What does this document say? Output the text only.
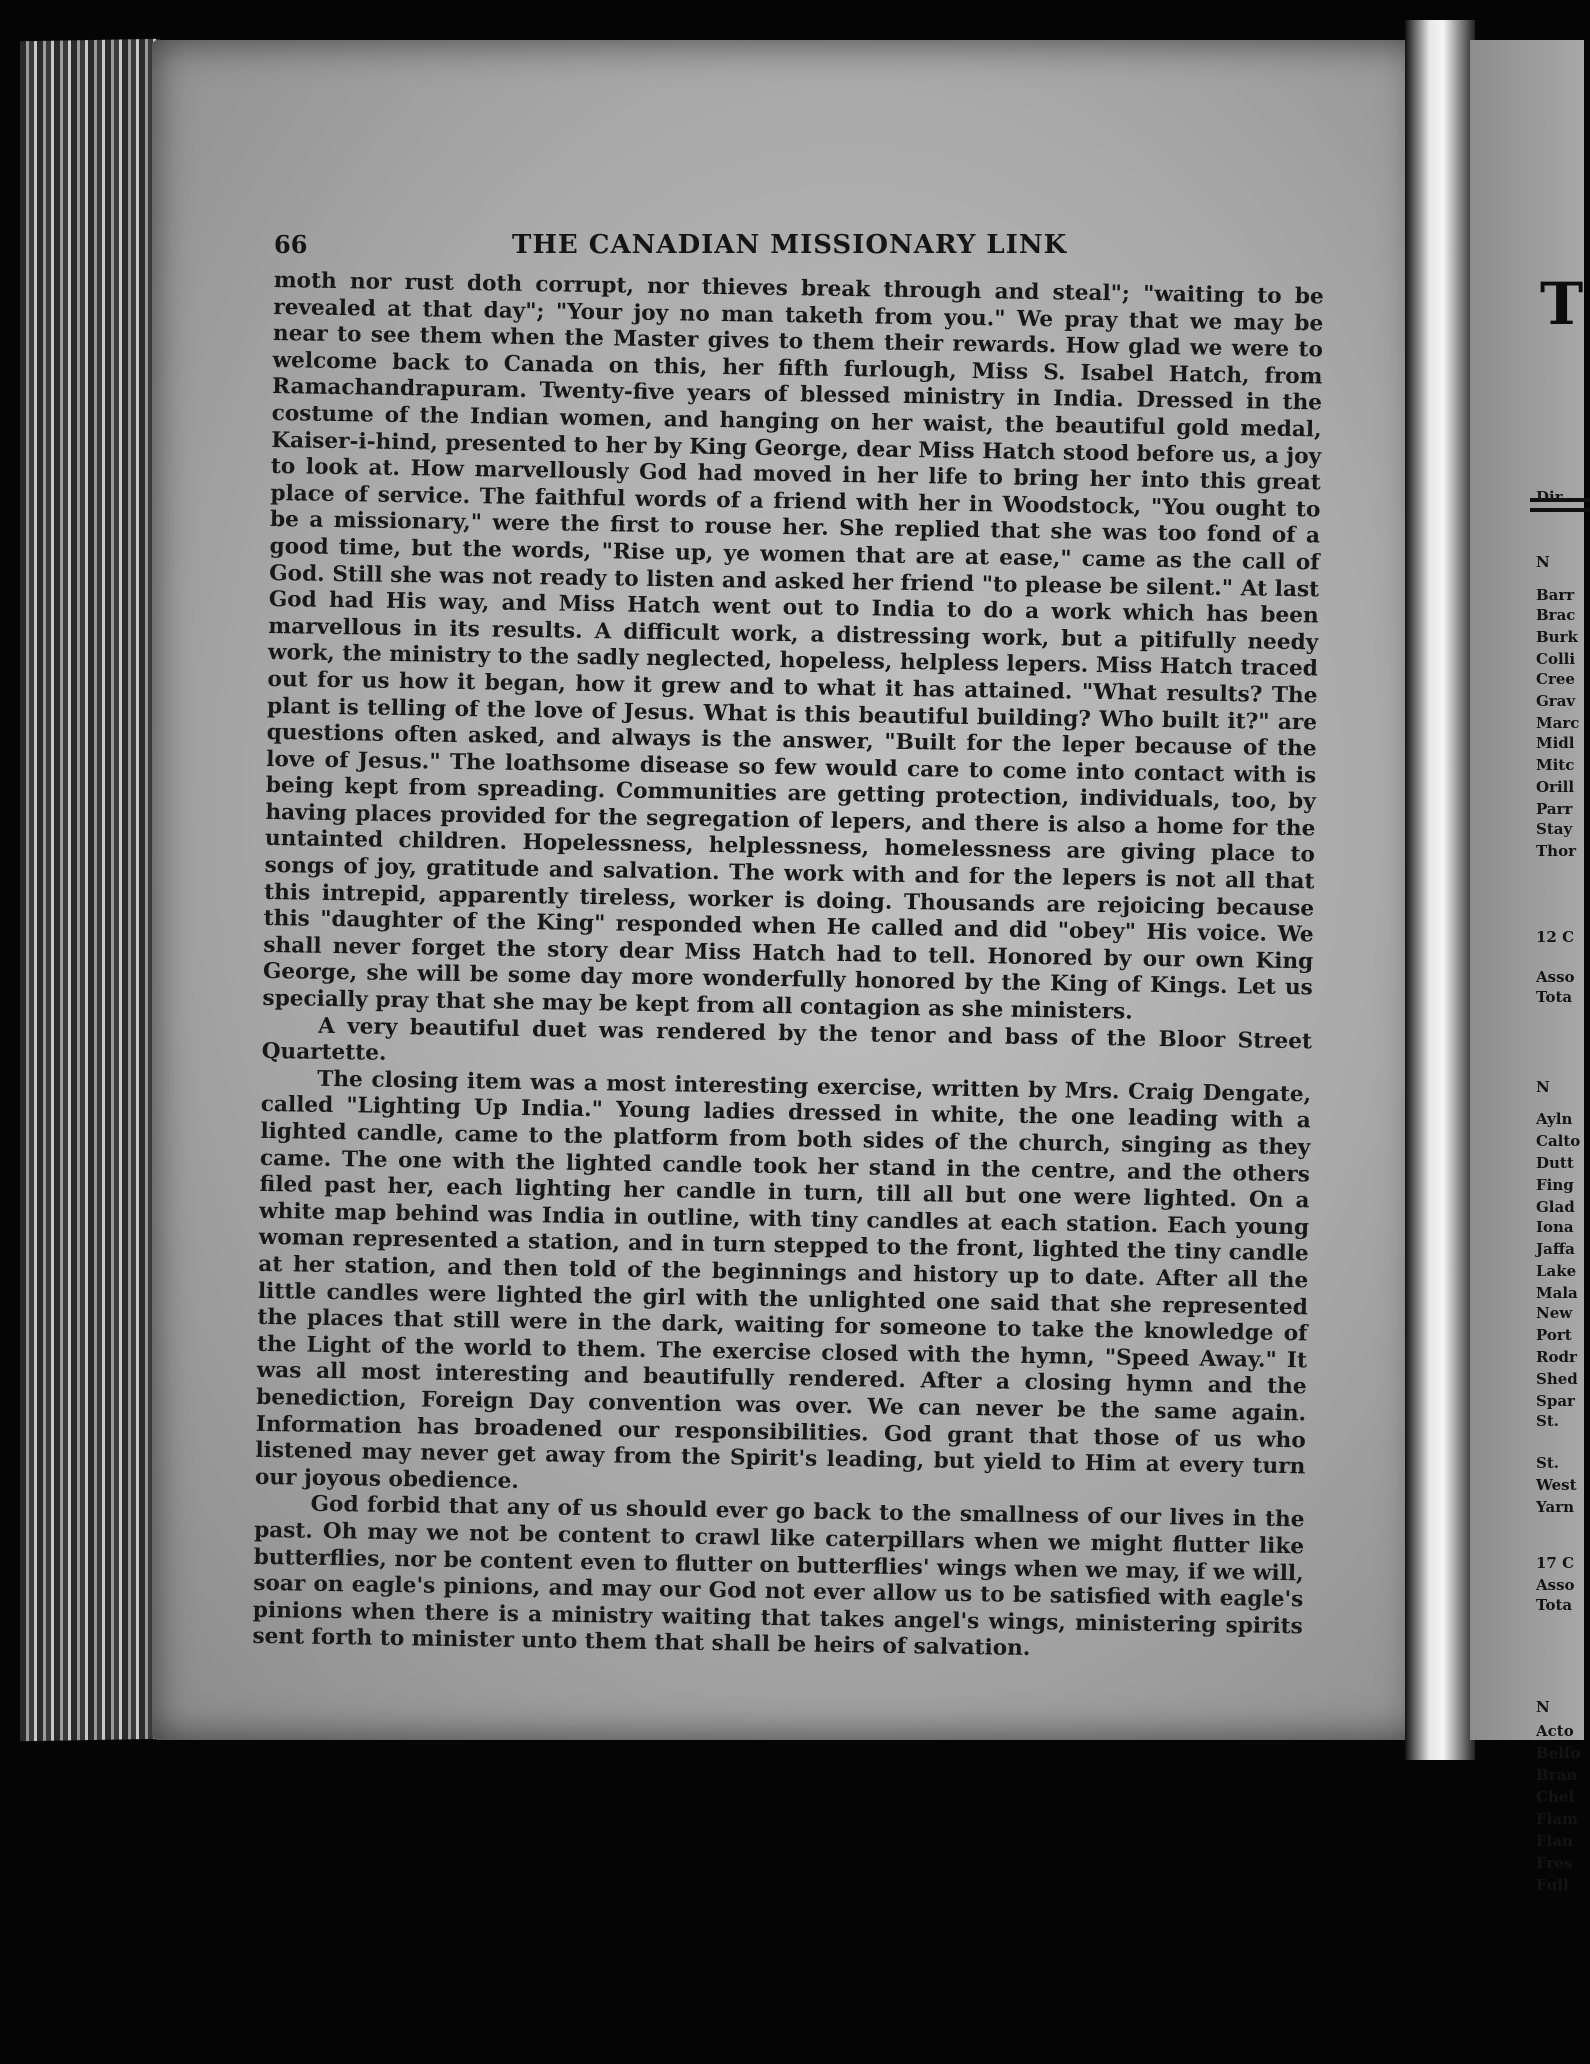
66	THE CANADIAN MISSIONARY LINK

moth nor rust doth corrupt, nor thieves break through and steal"; "waiting to be revealed at that day"; "Your joy no man taketh from you." We pray that we may be near to see them when the Master gives to them their rewards. How glad we were to welcome back to Canada on this, her fifth furlough, Miss S. Isabel Hatch, from Ramachandrapuram. Twenty-five years of blessed ministry in India. Dressed in the costume of the Indian women, and hanging on her waist, the beautiful gold medal, Kaiser-i-hind, presented to her by King George, dear Miss Hatch stood before us, a joy to look at. How marvellously God had moved in her life to bring her into this great place of service. The faithful words of a friend with her in Woodstock, "You ought to be a missionary," were the first to rouse her. She replied that she was too fond of a good time, but the words, "Rise up, ye women that are at ease," came as the call of God. Still she was not ready to listen and asked her friend "to please be silent." At last God had His way, and Miss Hatch went out to India to do a work which has been marvellous in its results. A difficult work, a distressing work, but a pitifully needy work, the ministry to the sadly neglected, hopeless, helpless lepers. Miss Hatch traced out for us how it began, how it grew and to what it has attained. "What results? The plant is telling of the love of Jesus. What is this beautiful building? Who built it?" are questions often asked, and always is the answer, "Built for the leper because of the love of Jesus." The loathsome disease so few would care to come into contact with is being kept from spreading. Communities are getting protection, individuals, too, by having places provided for the segregation of lepers, and there is also a home for the untainted children. Hopelessness, helplessness, homelessness are giving place to songs of joy, gratitude and salvation. The work with and for the lepers is not all that this intrepid, apparently tireless, worker is doing. Thousands are rejoicing because this "daughter of the King" responded when He called and did "obey" His voice. We shall never forget the story dear Miss Hatch had to tell. Honored by our own King George, she will be some day more wonderfully honored by the King of Kings. Let us specially pray that she may be kept from all contagion as she ministers.

A very beautiful duet was rendered by the tenor and bass of the Bloor Street Quartette.

The closing item was a most interesting exercise, written by Mrs. Craig Dengate, called "Lighting Up India." Young ladies dressed in white, the one leading with a lighted candle, came to the platform from both sides of the church, singing as they came. The one with the lighted candle took her stand in the centre, and the others filed past her, each lighting her candle in turn, till all but one were lighted. On a white map behind was India in outline, with tiny candles at each station. Each young woman represented a station, and in turn stepped to the front, lighted the tiny candle at her station, and then told of the beginnings and history up to date. After all the little candles were lighted the girl with the unlighted one said that she represented the places that still were in the dark, waiting for someone to take the knowledge of the Light of the world to them. The exercise closed with the hymn, "Speed Away." It was all most interesting and beautifully rendered. After a closing hymn and the benediction, Foreign Day convention was over. We can never be the same again. Information has broadened our responsibilities. God grant that those of us who listened may never get away from the Spirit's leading, but yield to Him at every turn our joyous obedience.

God forbid that any of us should ever go back to the smallness of our lives in the past. Oh may we not be content to crawl like caterpillars when we might flutter like butterflies, nor be content even to flutter on butterflies' wings when we may, if we will, soar on eagle's pinions, and may our God not ever allow us to be satisfied with eagle's pinions when there is a ministry waiting that takes angel's wings, ministering spirits sent forth to minister unto them that shall be heirs of salvation.

T
Dir
N
Barr
Brac
Burk
Colli
Cree
Grav
Marc
Midl
Mitc
Orill
Parr
Stay
Thor
12 C
Asso
Tota
N
Ayln
Calto
Dutt
Fing
Glad
Iona
Jaffa
Lake
Mala
New
Port
Rodr
Shed
Spar
St.
St.
West
Yarn
17 C
Asso
Tota
N
Acto
Belfo
Bran
Chel
Flam
Flan
Fres
Full
